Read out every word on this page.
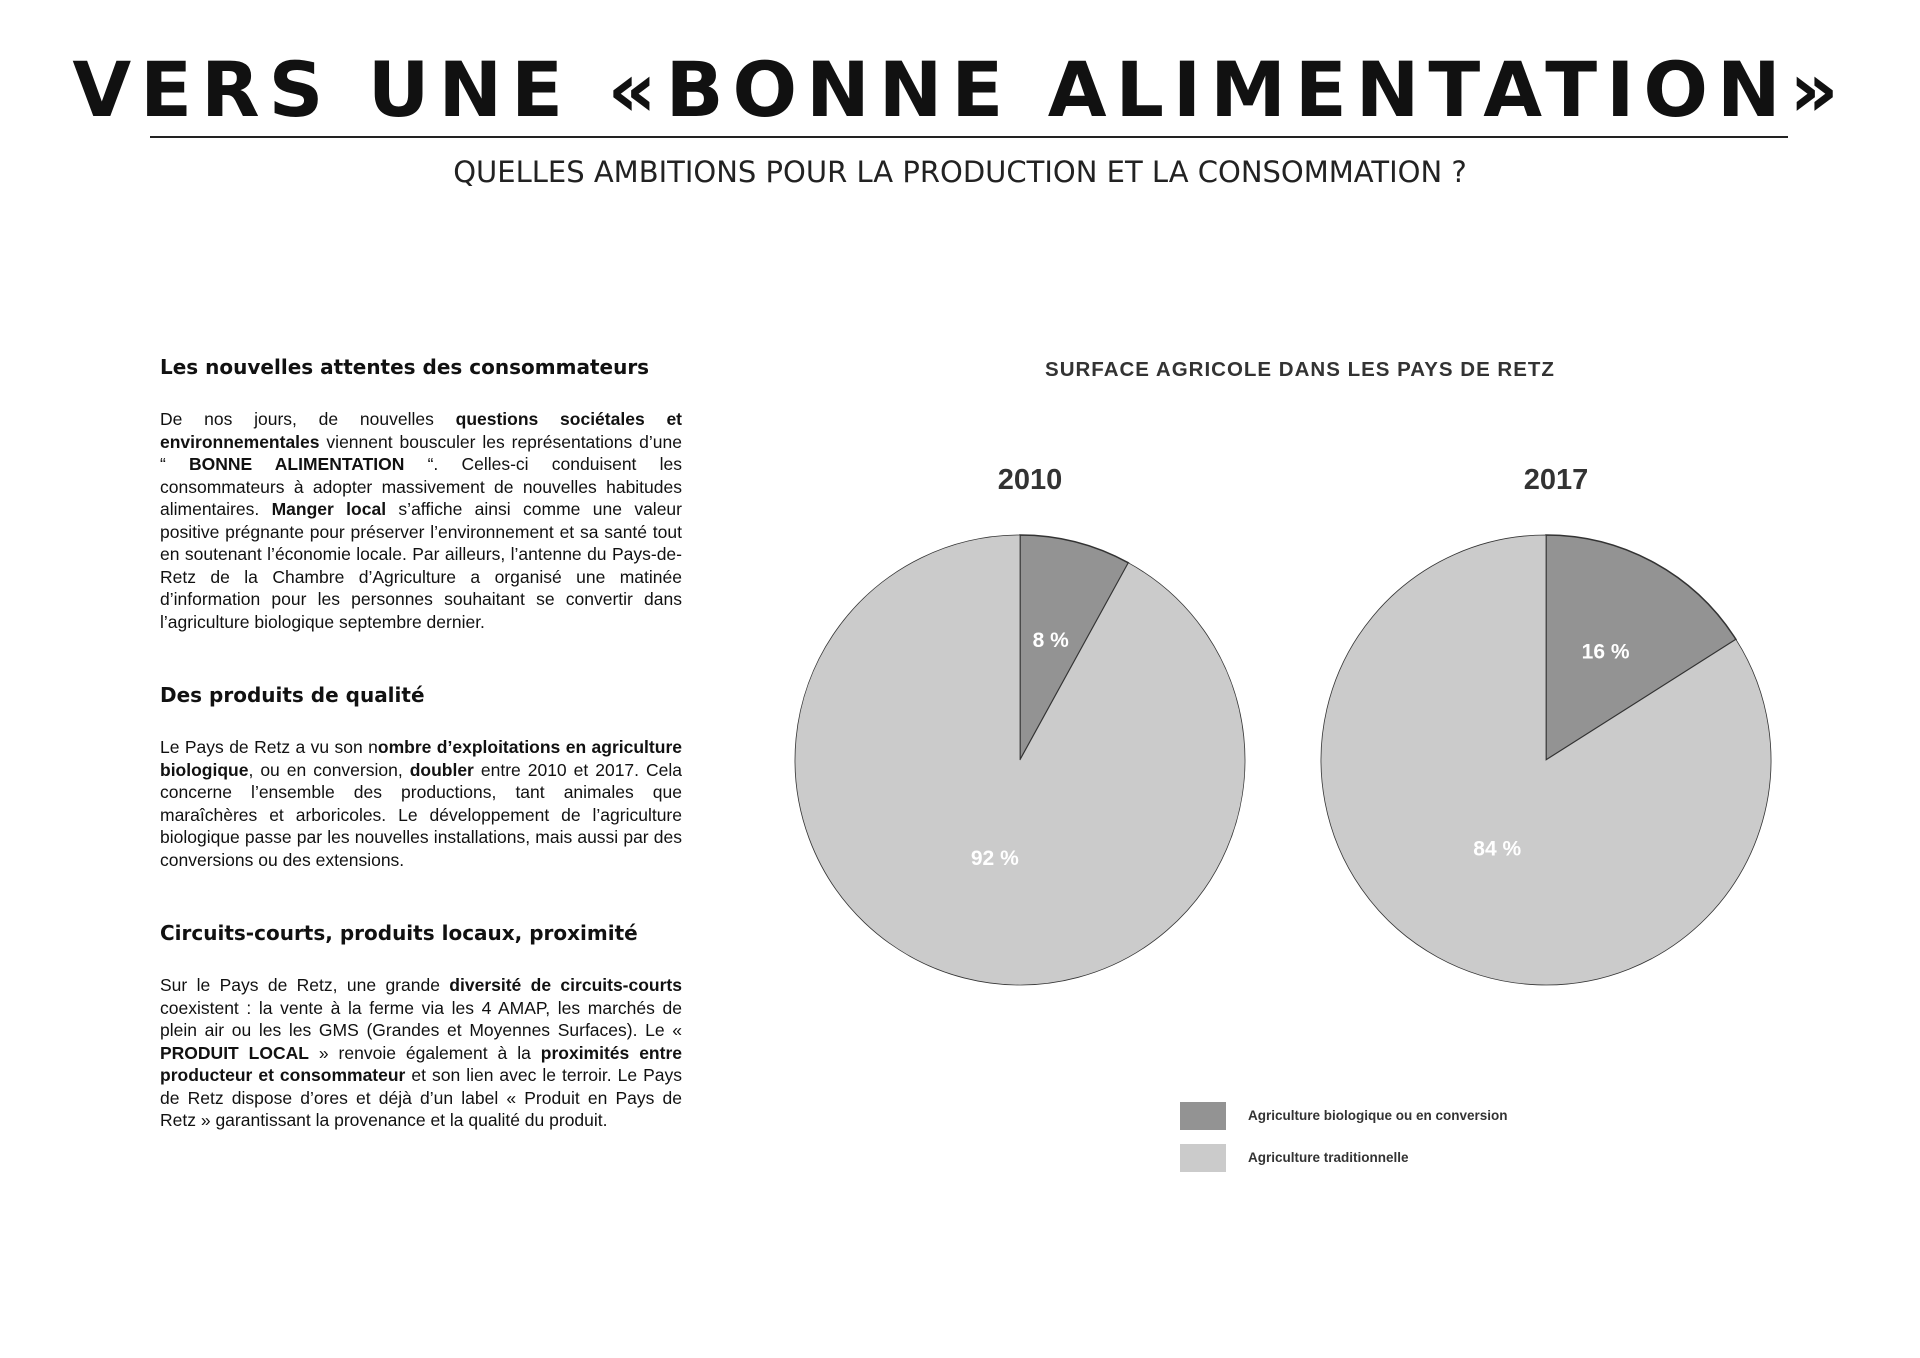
VERS UNE «BONNE ALIMENTATION»
QUELLES AMBITIONS POUR LA PRODUCTION ET LA CONSOMMATION ?
Les nouvelles attentes des consommateurs

De nos jours, de nouvelles questions sociétales et environnementales viennent bousculer les représentations d’une “ BONNE ALIMENTATION “. Celles-ci conduisent les consommateurs à adopter massivement de nouvelles habitudes alimentaires. Manger local s’affiche ainsi comme une valeur positive prégnante pour préserver l’environnement et sa santé tout en soutenant l’économie locale. Par ailleurs, l’antenne du Pays-de-Retz de la Chambre d’Agriculture a organisé une matinée d’information pour les personnes souhaitant se convertir dans l’agriculture biologique septembre dernier.

Des produits de qualité

Le Pays de Retz a vu son nombre d’exploitations en agriculture biologique, ou en conversion, doubler entre 2010 et 2017. Cela concerne l’ensemble des productions, tant animales que maraîchères et arboricoles. Le développement de l’agriculture biologique passe par les nouvelles installations, mais aussi par des conversions ou des extensions.

Circuits-courts, produits locaux, proximité

Sur le Pays de Retz, une grande diversité de circuits-courts coexistent : la vente à la ferme via les 4 AMAP, les marchés de plein air ou les les GMS (Grandes et Moyennes Surfaces). Le « PRODUIT LOCAL » renvoie également à la proximités entre producteur et consommateur et son lien avec le terroir. Le Pays de Retz dispose d’ores et déjà d’un label « Produit en Pays de Retz » garantissant la provenance et la qualité du produit.

SURFACE AGRICOLE DANS LES PAYS DE RETZ
2010	2017
8 %
92 %
16 %
84 %
Agriculture biologique ou en conversion
Agriculture traditionnelle
